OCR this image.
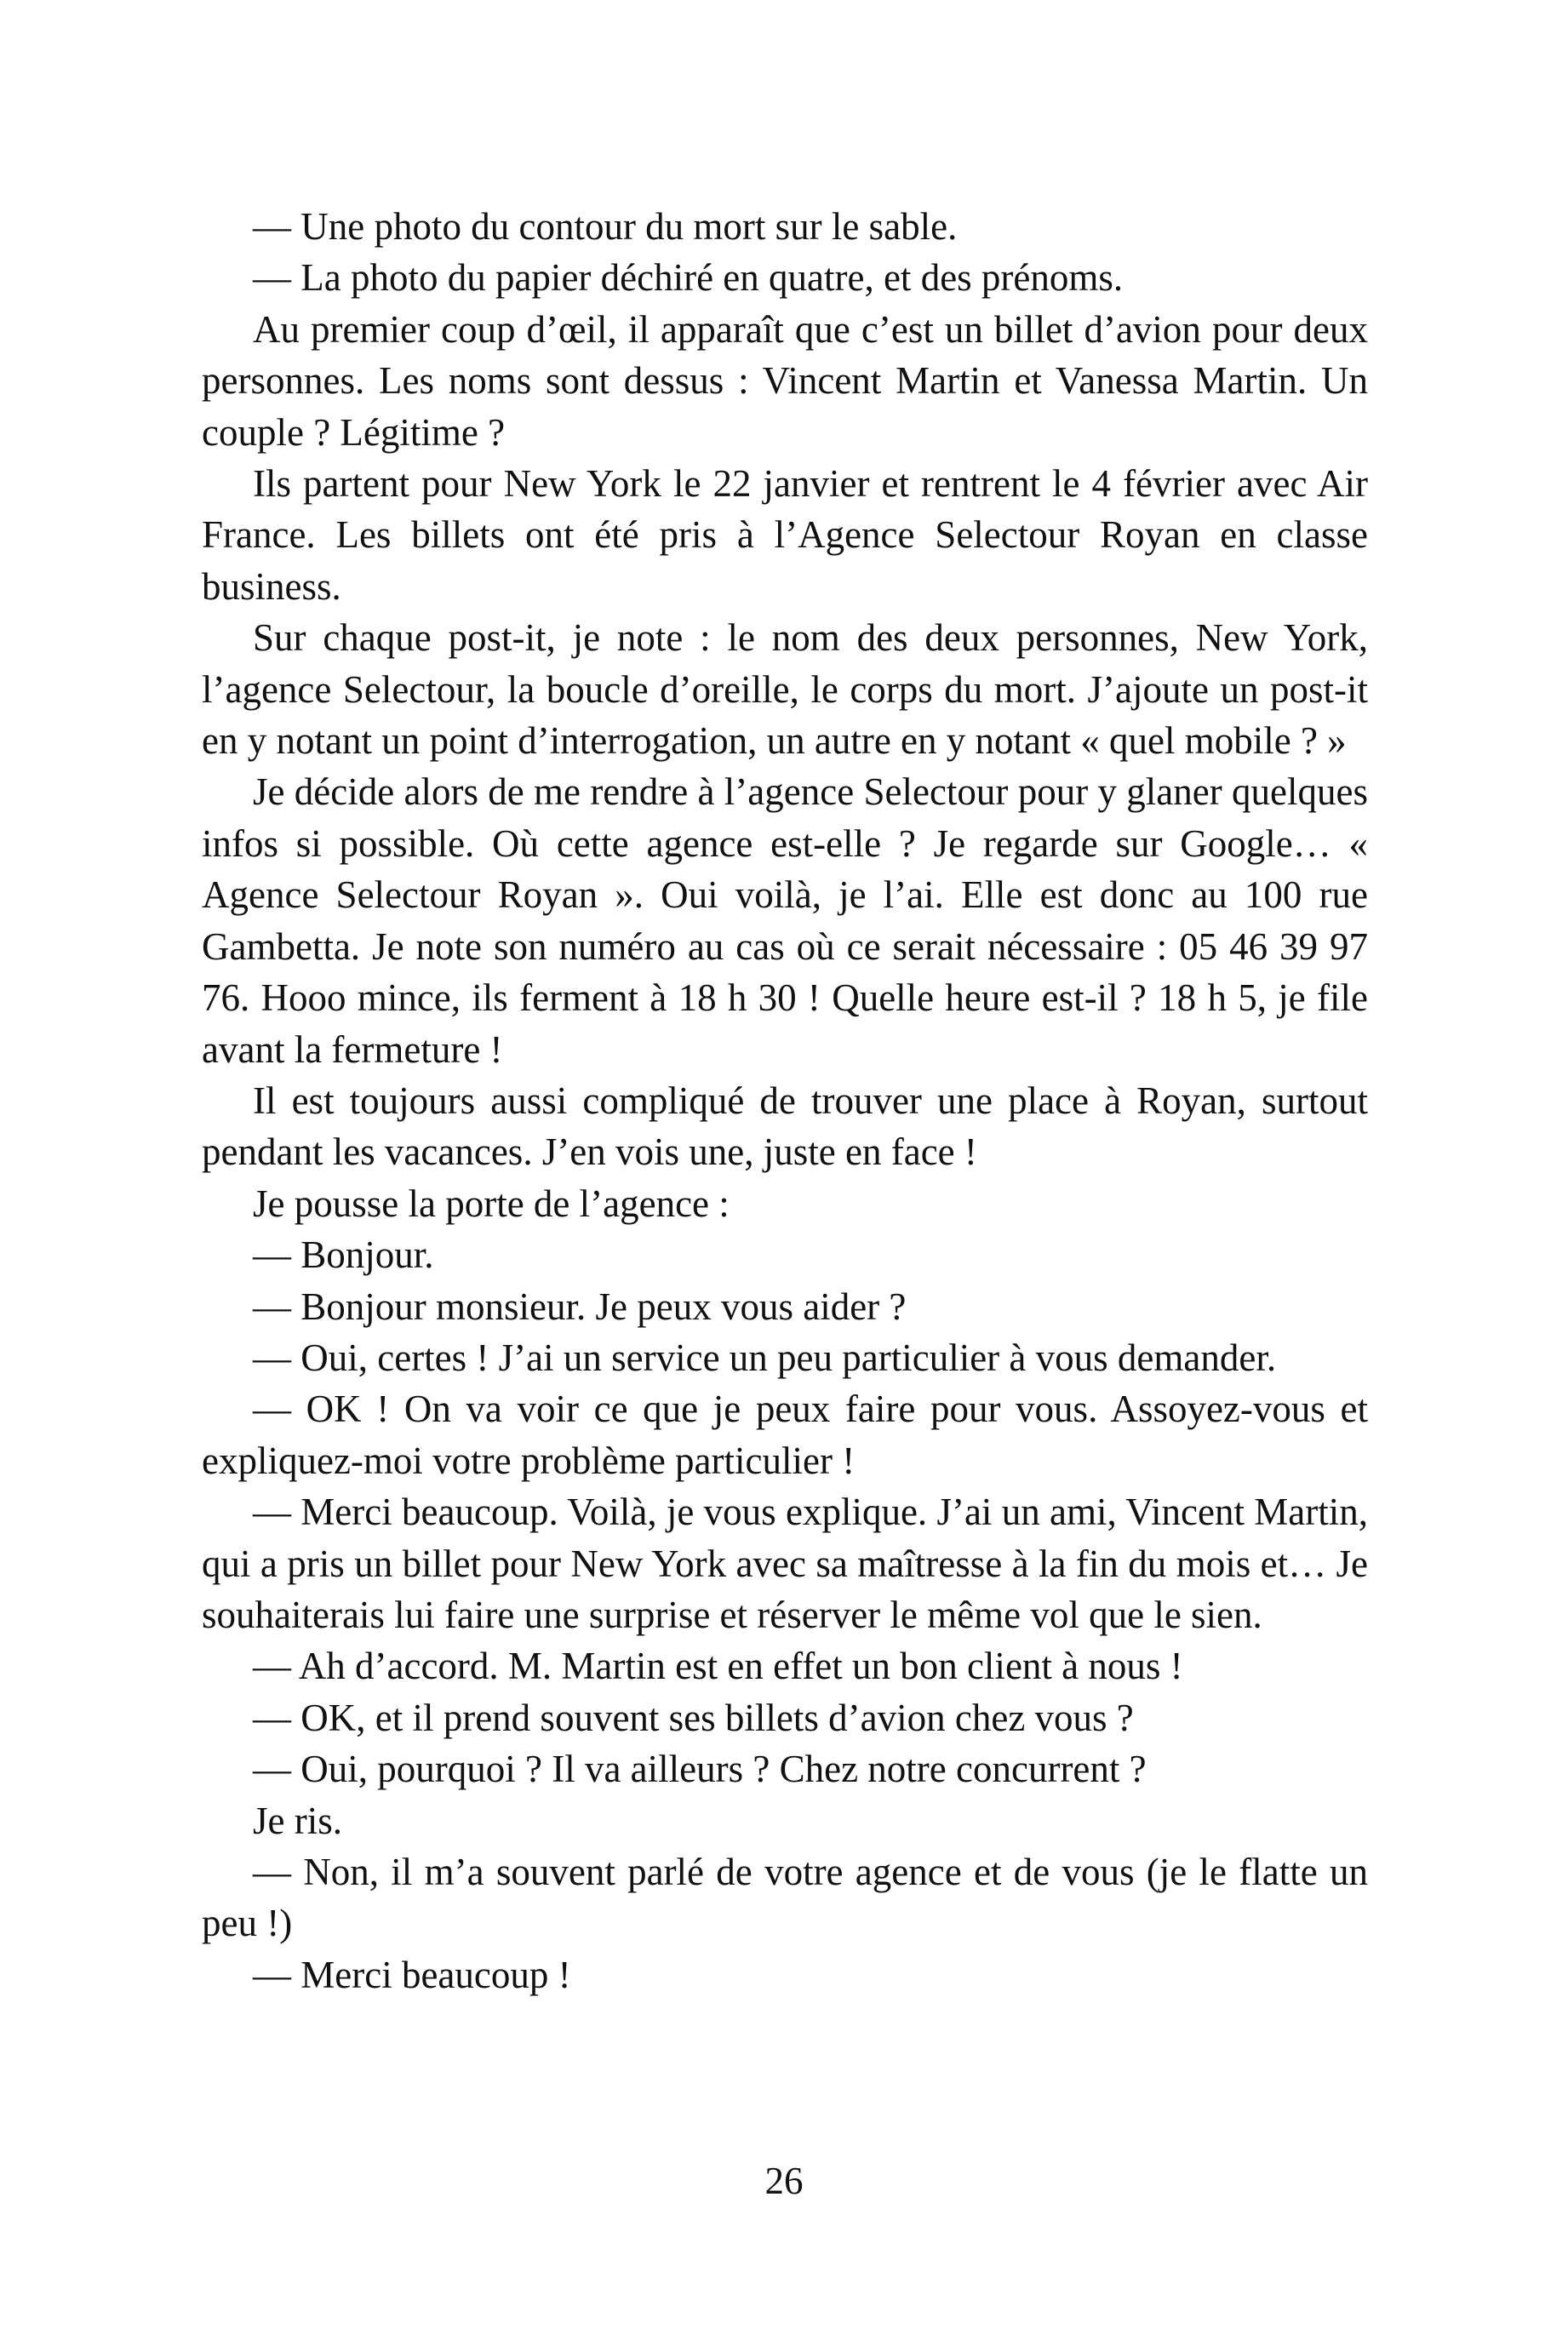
— Une photo du contour du mort sur le sable.

— La photo du papier déchiré en quatre, et des prénoms.

Au premier coup d’œil, il apparaît que c’est un billet d’avion pour deux personnes. Les noms sont dessus : Vincent Martin et Vanessa Martin. Un couple ? Légitime ?

Ils partent pour New York le 22 janvier et rentrent le 4 février avec Air France. Les billets ont été pris à l’Agence Selectour Royan en classe business.

Sur chaque post-it, je note : le nom des deux personnes, New York, l’agence Selectour, la boucle d’oreille, le corps du mort. J’ajoute un post-it en y notant un point d’interrogation, un autre en y notant « quel mobile ? »

Je décide alors de me rendre à l’agence Selectour pour y glaner quelques infos si possible. Où cette agence est-elle ? Je regarde sur Google… « Agence Selectour Royan ». Oui voilà, je l’ai. Elle est donc au 100 rue Gambetta. Je note son numéro au cas où ce serait nécessaire : 05 46 39 97 76. Hooo mince, ils ferment à 18 h 30 ! Quelle heure est-il ? 18 h 5, je file avant la fermeture !

Il est toujours aussi compliqué de trouver une place à Royan, surtout pendant les vacances. J’en vois une, juste en face !

Je pousse la porte de l’agence :

— Bonjour.

— Bonjour monsieur. Je peux vous aider ?

— Oui, certes ! J’ai un service un peu particulier à vous demander.

— OK ! On va voir ce que je peux faire pour vous. Assoyez-vous et expliquez-moi votre problème particulier !

— Merci beaucoup. Voilà, je vous explique. J’ai un ami, Vincent Martin, qui a pris un billet pour New York avec sa maîtresse à la fin du mois et… Je souhaiterais lui faire une surprise et réserver le même vol que le sien.

— Ah d’accord. M. Martin est en effet un bon client à nous !

— OK, et il prend souvent ses billets d’avion chez vous ?

— Oui, pourquoi ? Il va ailleurs ? Chez notre concurrent ?

Je ris.

— Non, il m’a souvent parlé de votre agence et de vous (je le flatte un peu !)

— Merci beaucoup !

26
